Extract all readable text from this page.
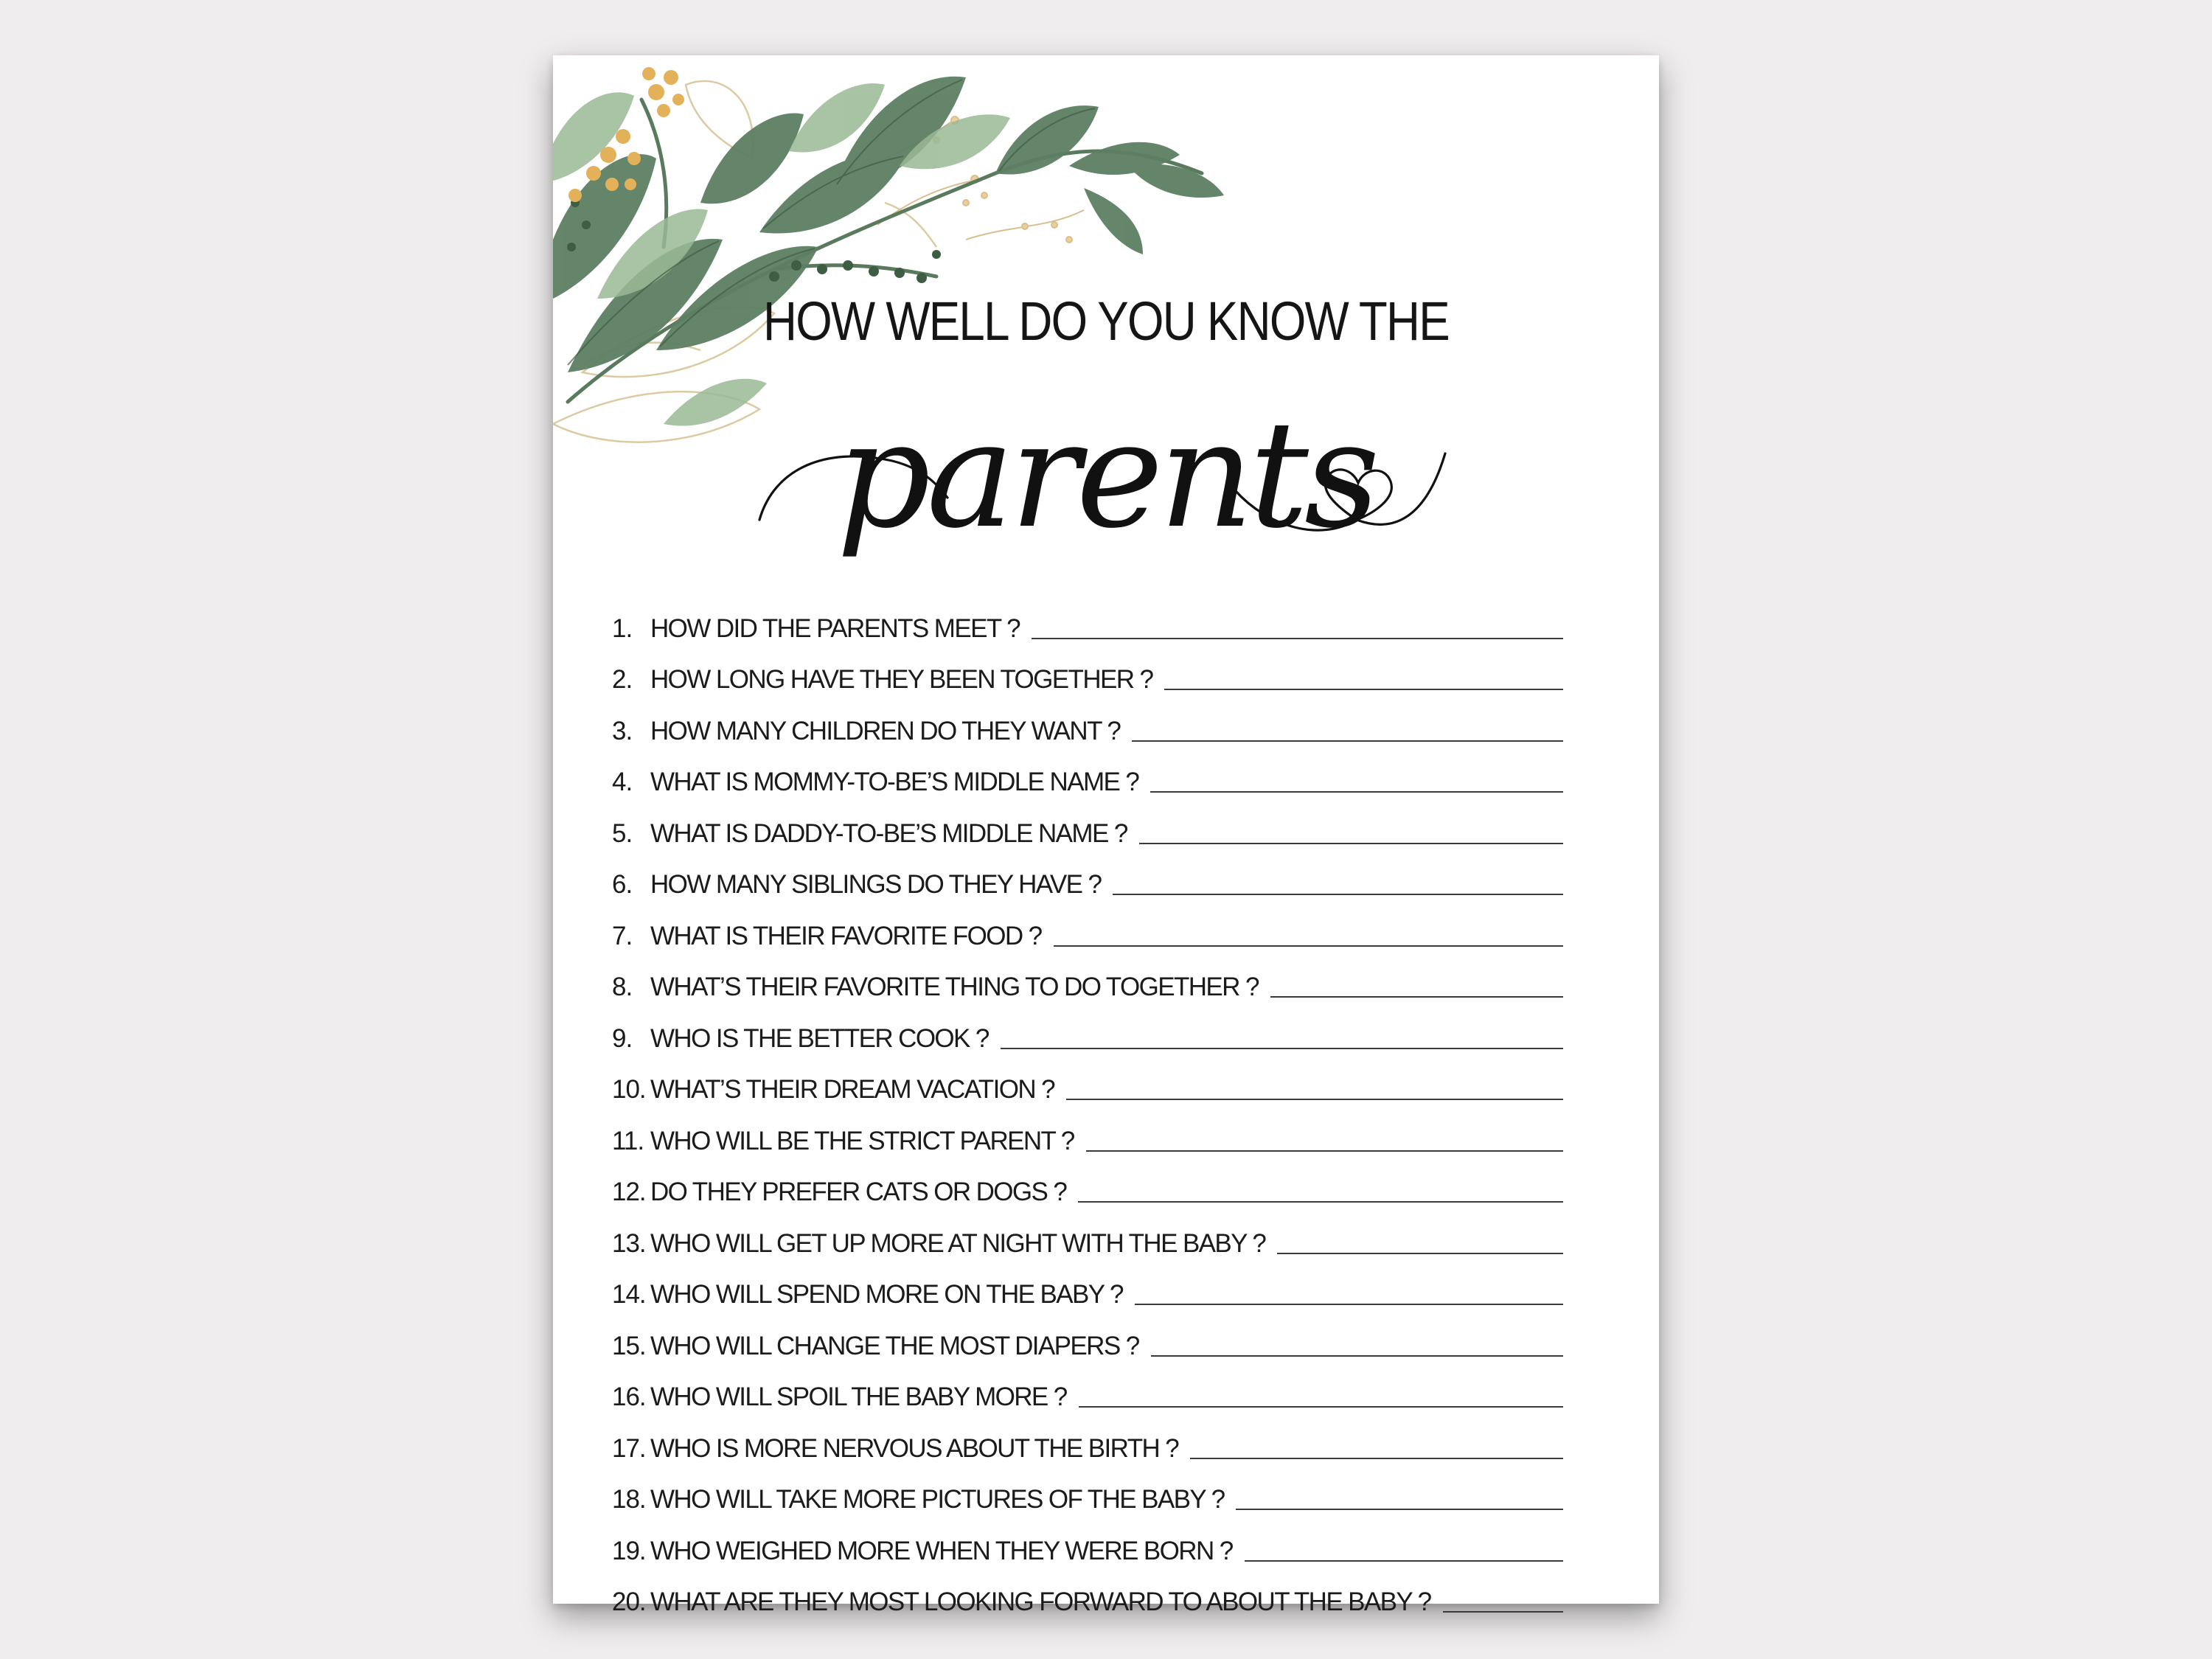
HOW WELL DO YOU KNOW THE
parents
1. HOW DID THE PARENTS MEET ?
2. HOW LONG HAVE THEY BEEN TOGETHER ?
3. HOW MANY CHILDREN DO THEY WANT ?
4. WHAT IS MOMMY-TO-BE’S MIDDLE NAME ?
5. WHAT IS DADDY-TO-BE’S MIDDLE NAME ?
6. HOW MANY SIBLINGS DO THEY HAVE ?
7. WHAT IS THEIR FAVORITE FOOD ?
8. WHAT’S THEIR FAVORITE THING TO DO TOGETHER ?
9. WHO IS THE BETTER COOK ?
10. WHAT’S THEIR DREAM VACATION ?
11. WHO WILL BE THE STRICT PARENT ?
12. DO THEY PREFER CATS OR DOGS ?
13. WHO WILL GET UP MORE AT NIGHT WITH THE BABY ?
14. WHO WILL SPEND MORE ON THE BABY ?
15. WHO WILL CHANGE THE MOST DIAPERS ?
16. WHO WILL SPOIL THE BABY MORE ?
17. WHO IS MORE NERVOUS ABOUT THE BIRTH ?
18. WHO WILL TAKE MORE PICTURES OF THE BABY ?
19. WHO WEIGHED MORE WHEN THEY WERE BORN ?
20. WHAT ARE THEY MOST LOOKING FORWARD TO ABOUT THE BABY ?
